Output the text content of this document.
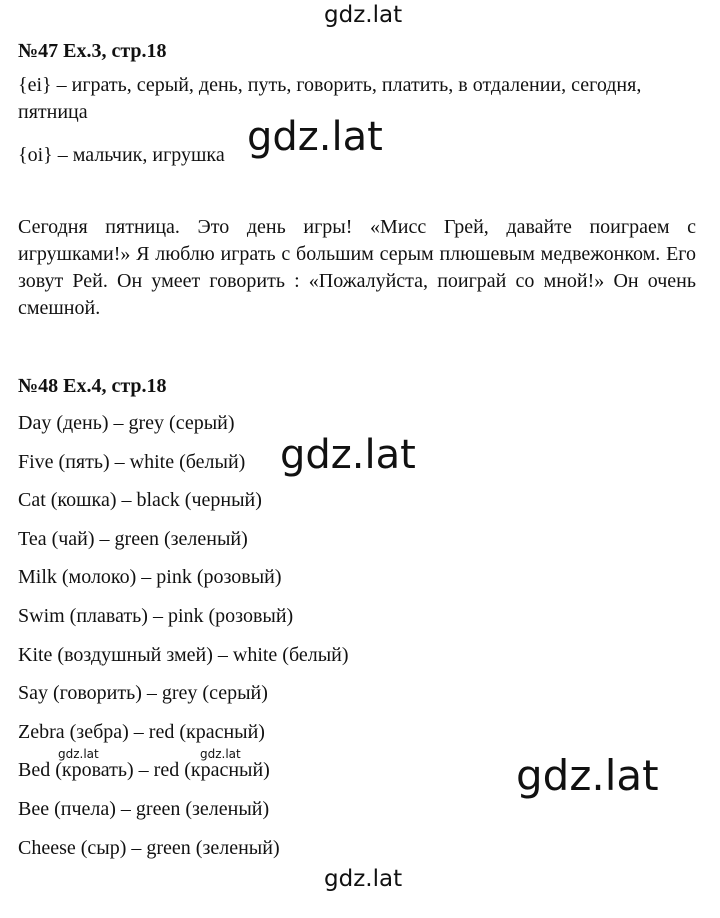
gdz.lat
gdz.lat
gdz.lat
gdz.lat
gdz.lat	gdz.lat
gdz.lat
№47 Ex.3, стр.18
{ei} – играть, серый, день, путь, говорить, платить, в отдалении, сегодня, пятница
{oi} – мальчик, игрушка
Сегодня пятница. Это день игры! «Мисс Грей, давайте поиграем с игрушками!» Я люблю играть с большим серым плюшевым медвежонком. Его зовут Рей. Он умеет говорить : «Пожалуйста, поиграй со мной!» Он очень смешной.
№48 Ex.4, стр.18
Day (день) – grey (серый)
Five (пять) – white (белый)
Cat (кошка) – black (черный)
Tea (чай) – green (зеленый)
Milk (молоко) – pink (розовый)
Swim (плавать) – pink (розовый)
Kite (воздушный змей) – white (белый)
Say (говорить) – grey (серый)
Zebra (зебра) – red (красный)
Bed (кровать) – red (красный)
Bee (пчела) – green (зеленый)
Cheese (сыр) – green (зеленый)
